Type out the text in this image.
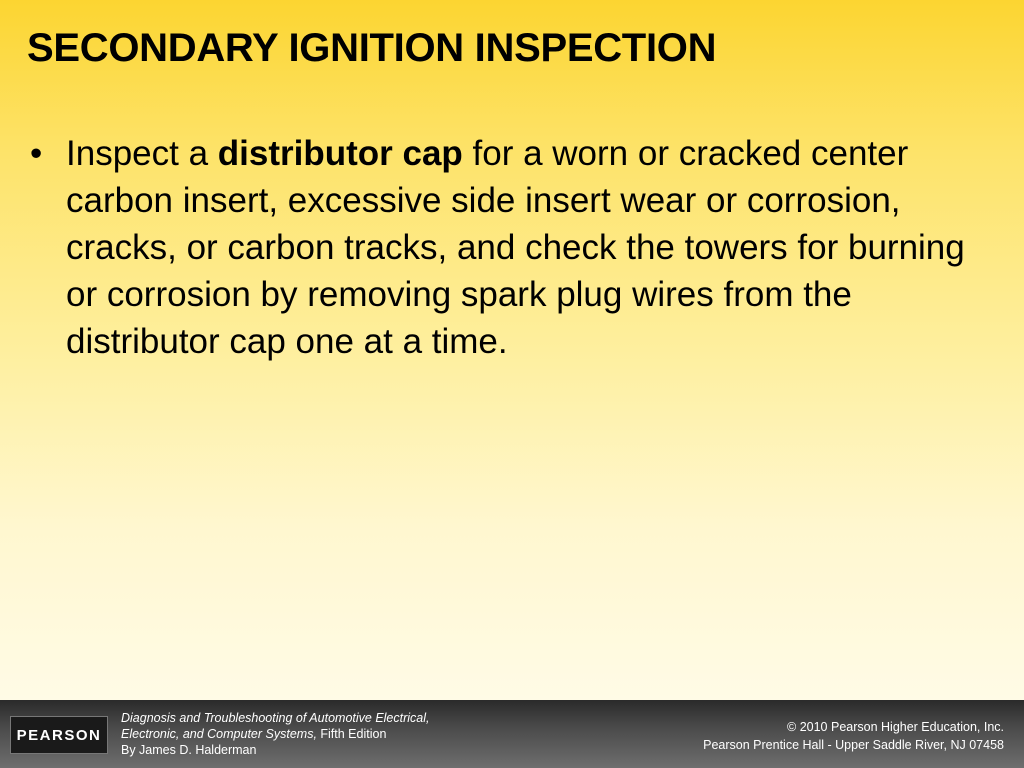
SECONDARY IGNITION INSPECTION
• Inspect a distributor cap for a worn or cracked center carbon insert, excessive side insert wear or corrosion, cracks, or carbon tracks, and check the towers for burning or corrosion by removing spark plug wires from the distributor cap one at a time.
PEARSON
Diagnosis and Troubleshooting of Automotive Electrical,
Electronic, and Computer Systems, Fifth Edition
By James D. Halderman
© 2010 Pearson Higher Education, Inc.
Pearson Prentice Hall - Upper Saddle River, NJ 07458
